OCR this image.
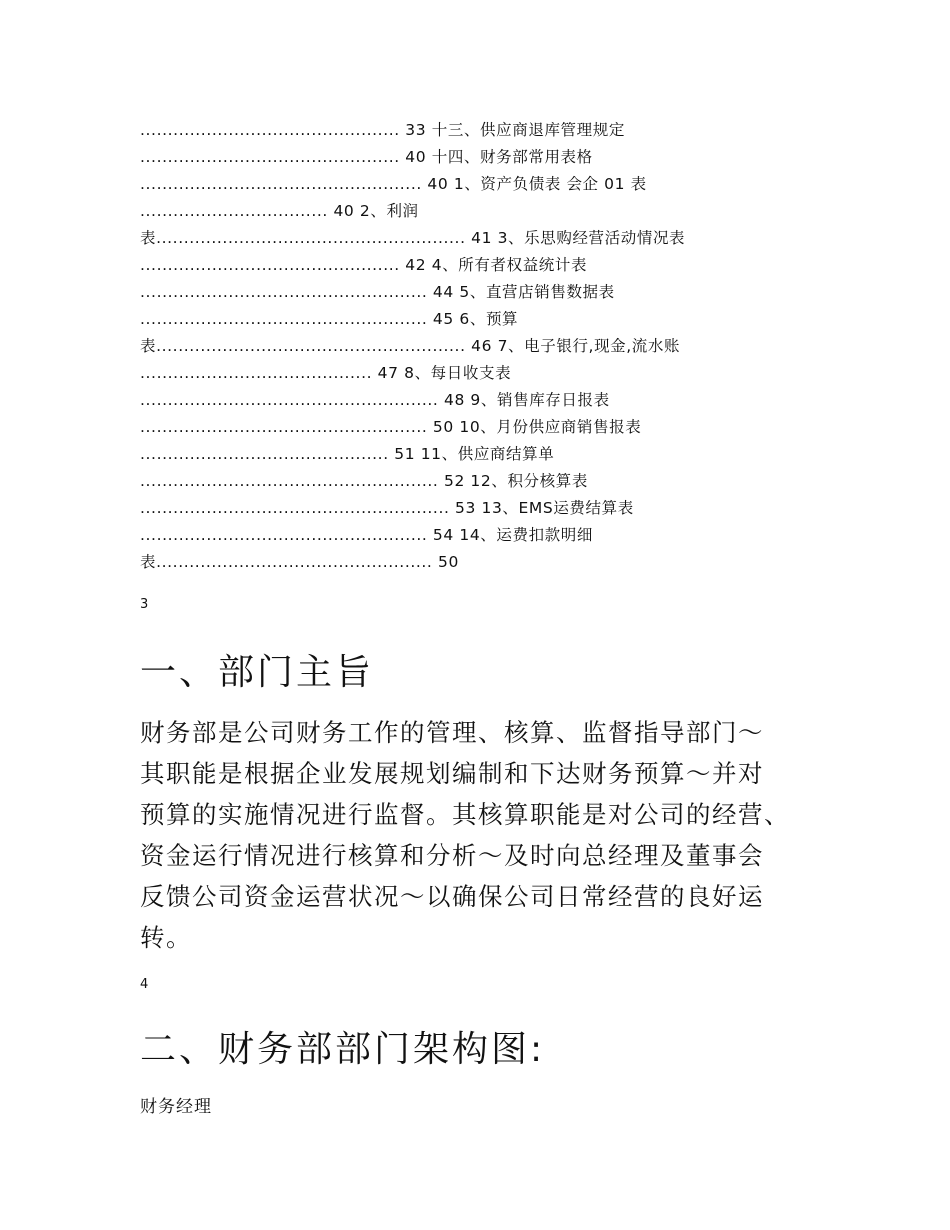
............................................... 33 十三、供应商退库管理规定
............................................... 40 十四、财务部常用表格
................................................... 40 1、资产负债表 会企 01 表
.................................. 40 2、利润
表........................................................ 41 3、乐思购经营活动情况表
............................................... 42 4、所有者权益统计表
.................................................... 44 5、直营店销售数据表
.................................................... 45 6、预算
表........................................................ 46 7、电子银行,现金,流水账
.......................................... 47 8、每日收支表
...................................................... 48 9、销售库存日报表
.................................................... 50 10、月份供应商销售报表
............................................. 51 11、供应商结算单
...................................................... 52 12、积分核算表
........................................................ 53 13、EMS运费结算表
.................................................... 54 14、运费扣款明细
表.................................................. 50
3
一、部门主旨
财务部是公司财务工作的管理、核算、监督指导部门～
其职能是根据企业发展规划编制和下达财务预算～并对
预算的实施情况进行监督。其核算职能是对公司的经营、
资金运行情况进行核算和分析～及时向总经理及董事会
反馈公司资金运营状况～以确保公司日常经营的良好运
转。
4
二、财务部部门架构图:
财务经理
